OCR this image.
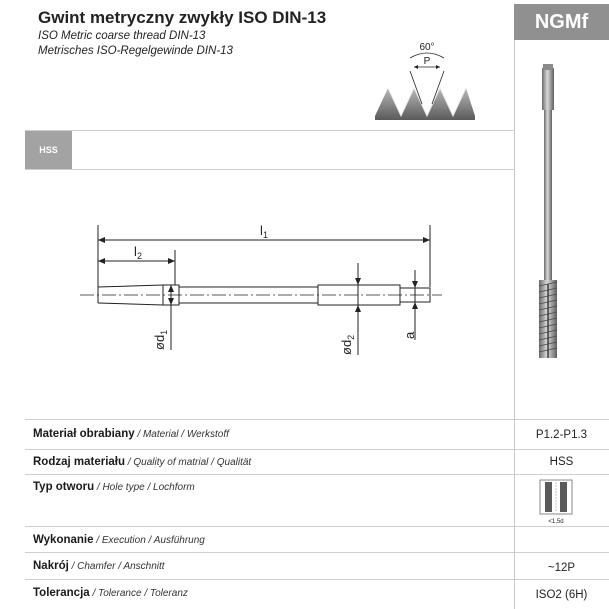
Gwint metryczny zwykły ISO DIN-13
ISO Metric coarse thread DIN-13
Metrisches ISO-Regelgewinde DIN-13
NGMf
60°
P
HSS
$l_1$
$l_2$
$ød_1$
$ød_2$	a
Materiał obrabiany / Material / Werkstoff	P1.2-P1.3
Rodzaj materiału / Quality of matrial / Qualität	HSS
Typ otworu / Hole type / Lochform
<1,5d
Wykonanie / Execution / Ausführung
Nakrój / Chamfer / Anschnitt	~12P
Tolerancja / Tolerance / Toleranz	ISO2 (6H)
